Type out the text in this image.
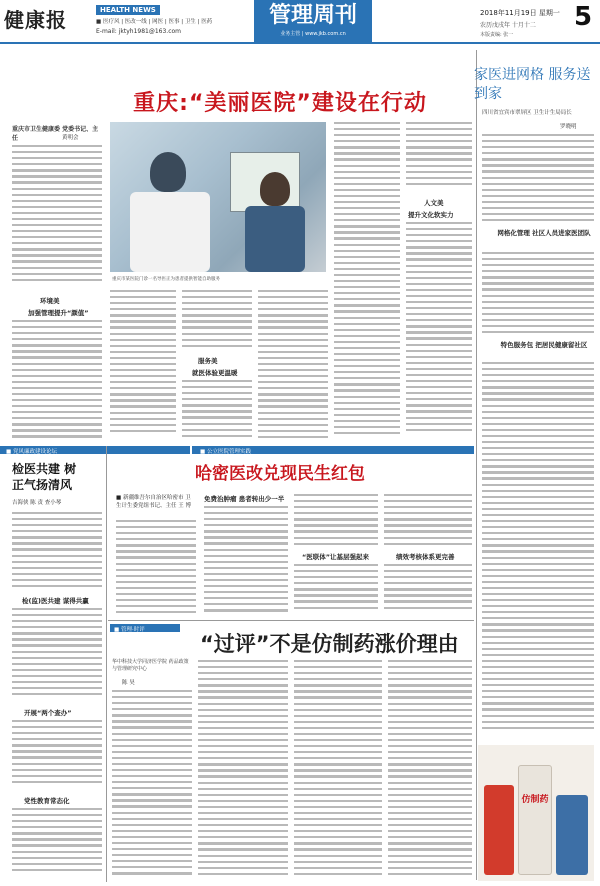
健康报	HEALTH NEWS
■ 医疗风 | 医改一线 | 网医 | 医事 | 卫生 | 医药
E-mail: jktyh1981@163.com
管理周刊
业务主管 | www.jkb.com.cn
2018年11月19日 星期一
农历戊戌年 十月十二
本版责编: 张一
5
重庆:“美丽医院”建设在行动
重庆市卫生健康委 党委书记、主任	黄明会
环境美
加强管理提升“颜值”
重庆市某医院门诊一名导医正为患者提供智能自助服务
服务美
就医体验更温暖
人文美
提升文化软实力
家医进网格 服务送到家
四川省宜宾市翠屏区 卫生计生局局长
罗晓明
网格化管理 社区人员进家医团队
特色服务包 把居民健康留社区
■ 党风廉政建设论坛	■ 公立医院管理实践
检医共建 树正气扬清风
吉海侠 陈 责 查小琴
检(监)医共建 谋得共赢
开展“两个查办”
党性教育常态化
哈密医改兑现民生红包
■ 新疆维吾尔自治区哈密市 卫生计生委党组书记、主任 王 博
免费治肿瘤 患者转出少一半
“医联体”让基层强起来	绩效考核体系更完善
■ 管理·时评
“过评”不是仿制药涨价理由
华中科技大学同济医学院 药品政策与管理研究中心
陈 昊
仿制药
